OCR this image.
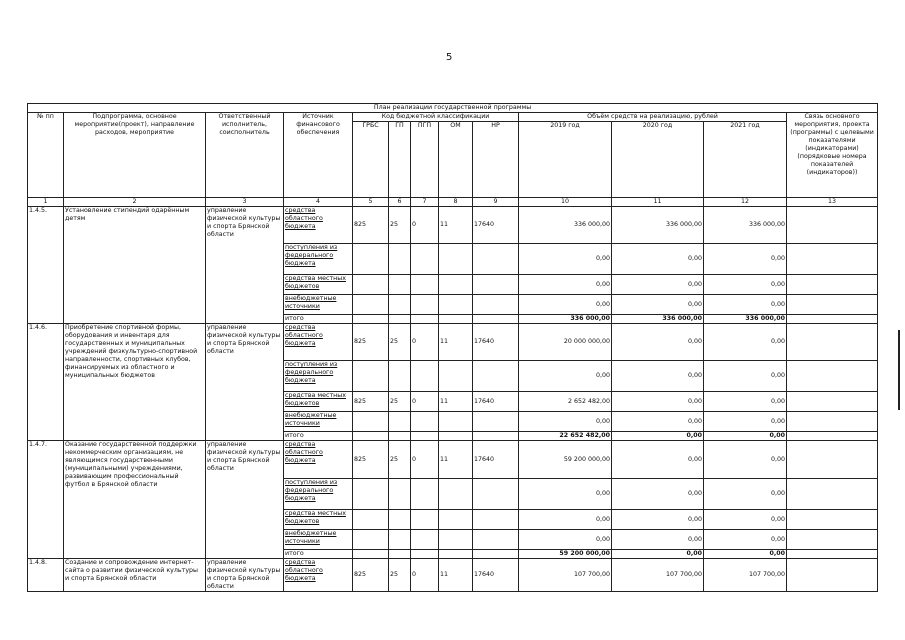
5
План реализации государственной программы												
№ пп	Подпрограмма, основное мероприятие(проект), направление расходов, мероприятие	Ответственный исполнитель, соисполнитель	Источник финансового обеспечения	Код бюджетной классификации					Объём средств на реализацию, рублей			Связь основного мероприятия, проекта (программы) с целевыми показателями (индикаторами) (порядковые номера показателей (индикаторов))
				ГРБС	ГП	ПГП	ОМ	НР	2019 год	2020 год	2021 год	
1	2	3	4	5	6	7	8	9	10	11	12	13
1.4.5.	Установление стипендий одарённым детям	управление физической культуры и спорта Брянской области	средства областного бюджета	825	25	0	11	17640	336 000,00	336 000,00	336 000,00	
			поступления из федерального бюджета						0,00	0,00	0,00	
			средства местных бюджетов						0,00	0,00	0,00	
			внебюджетные источники						0,00	0,00	0,00	
			итого						336 000,00	336 000,00	336 000,00	
1.4.6.	Приобретение спортивной формы, оборудования и инвентаря для государственных и муниципальных учреждений физкультурно-спортивной направленности, спортивных клубов, финансируемых из областного и муниципальных бюджетов	управление физической культуры и спорта Брянской области	средства областного бюджета	825	25	0	11	17640	20 000 000,00	0,00	0,00	
			поступления из федерального бюджета						0,00	0,00	0,00	
			средства местных бюджетов	825	25	0	11	17640	2 652 482,00	0,00	0,00	
			внебюджетные источники						0,00	0,00	0,00	
			итого						22 652 482,00	0,00	0,00	
1.4.7.	Оказание государственной поддержки некоммерческим организациям, не являющимся государственными (муниципальными) учреждениями, развивающим профессиональный футбол в Брянской области	управление физической культуры и спорта Брянской области	средства областного бюджета	825	25	0	11	17640	59 200 000,00	0,00	0,00	
			поступления из федерального бюджета						0,00	0,00	0,00	
			средства местных бюджетов						0,00	0,00	0,00	
			внебюджетные источники						0,00	0,00	0,00	
			итого						59 200 000,00	0,00	0,00	
1.4.8.	Создание и сопровождение интернет-сайта о развитии физической культуры и спорта Брянской области	управление физической культуры и спорта Брянской области	средства областного бюджета	825	25	0	11	17640	107 700,00	107 700,00	107 700,00	
